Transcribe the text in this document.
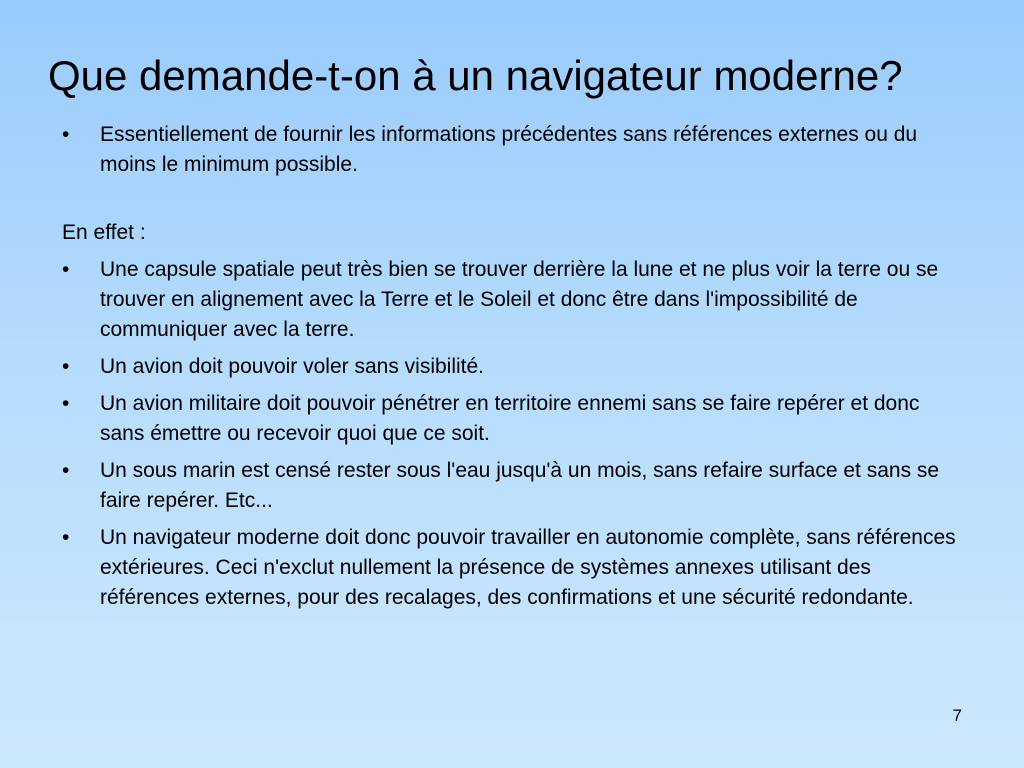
Que demande-t-on à un navigateur moderne?
• Essentiellement de fournir les informations précédentes sans références externes ou du moins le minimum possible.
En effet :
• Une capsule spatiale peut très bien se trouver derrière la lune et ne plus voir la terre ou se trouver en alignement avec la Terre et le Soleil et donc être dans l'impossibilité de communiquer avec la terre.
• Un avion doit pouvoir voler sans visibilité.
• Un avion militaire doit pouvoir pénétrer en territoire ennemi sans se faire repérer et donc sans émettre ou recevoir quoi que ce soit.
• Un sous marin est censé rester sous l'eau jusqu'à un mois, sans refaire surface et sans se faire repérer. Etc...
• Un navigateur moderne doit donc pouvoir travailler en autonomie complète, sans références extérieures. Ceci n'exclut nullement la présence de systèmes annexes utilisant des références externes, pour des recalages, des confirmations et une sécurité redondante.
7
